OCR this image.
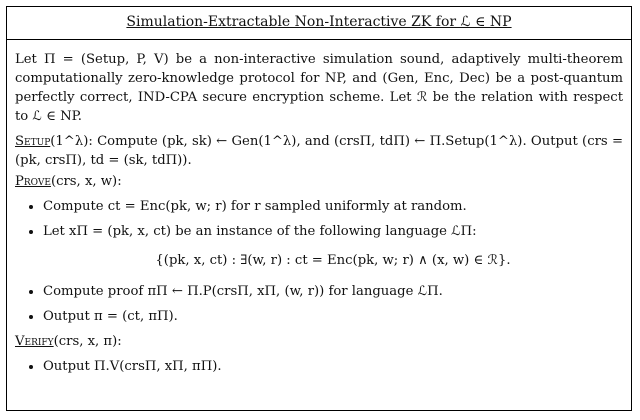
Simulation-Extractable Non-Interactive ZK for ℒ ∈ NP

Let Π = (Setup, P, V) be a non-interactive simulation sound, adaptively multi-theorem computationally zero-knowledge protocol for NP, and (Gen, Enc, Dec) be a post-quantum perfectly correct, IND-CPA secure encryption scheme. Let ℛ be the relation with respect to ℒ ∈ NP.

Setup(1^λ): Compute (pk, sk) ← Gen(1^λ), and (crsΠ, tdΠ) ← Π.Setup(1^λ). Output (crs = (pk, crsΠ), td = (sk, tdΠ)).

Prove(crs, x, w):

• Compute ct = Enc(pk, w; r) for r sampled uniformly at random.
• Let xΠ = (pk, x, ct) be an instance of the following language ℒΠ:
{(pk, x, ct) : ∃(w, r) : ct = Enc(pk, w; r) ∧ (x, w) ∈ ℛ}.
• Compute proof πΠ ← Π.P(crsΠ, xΠ, (w, r)) for language ℒΠ.
• Output π = (ct, πΠ).

Verify(crs, x, π):

• Output Π.V(crsΠ, xΠ, πΠ).
